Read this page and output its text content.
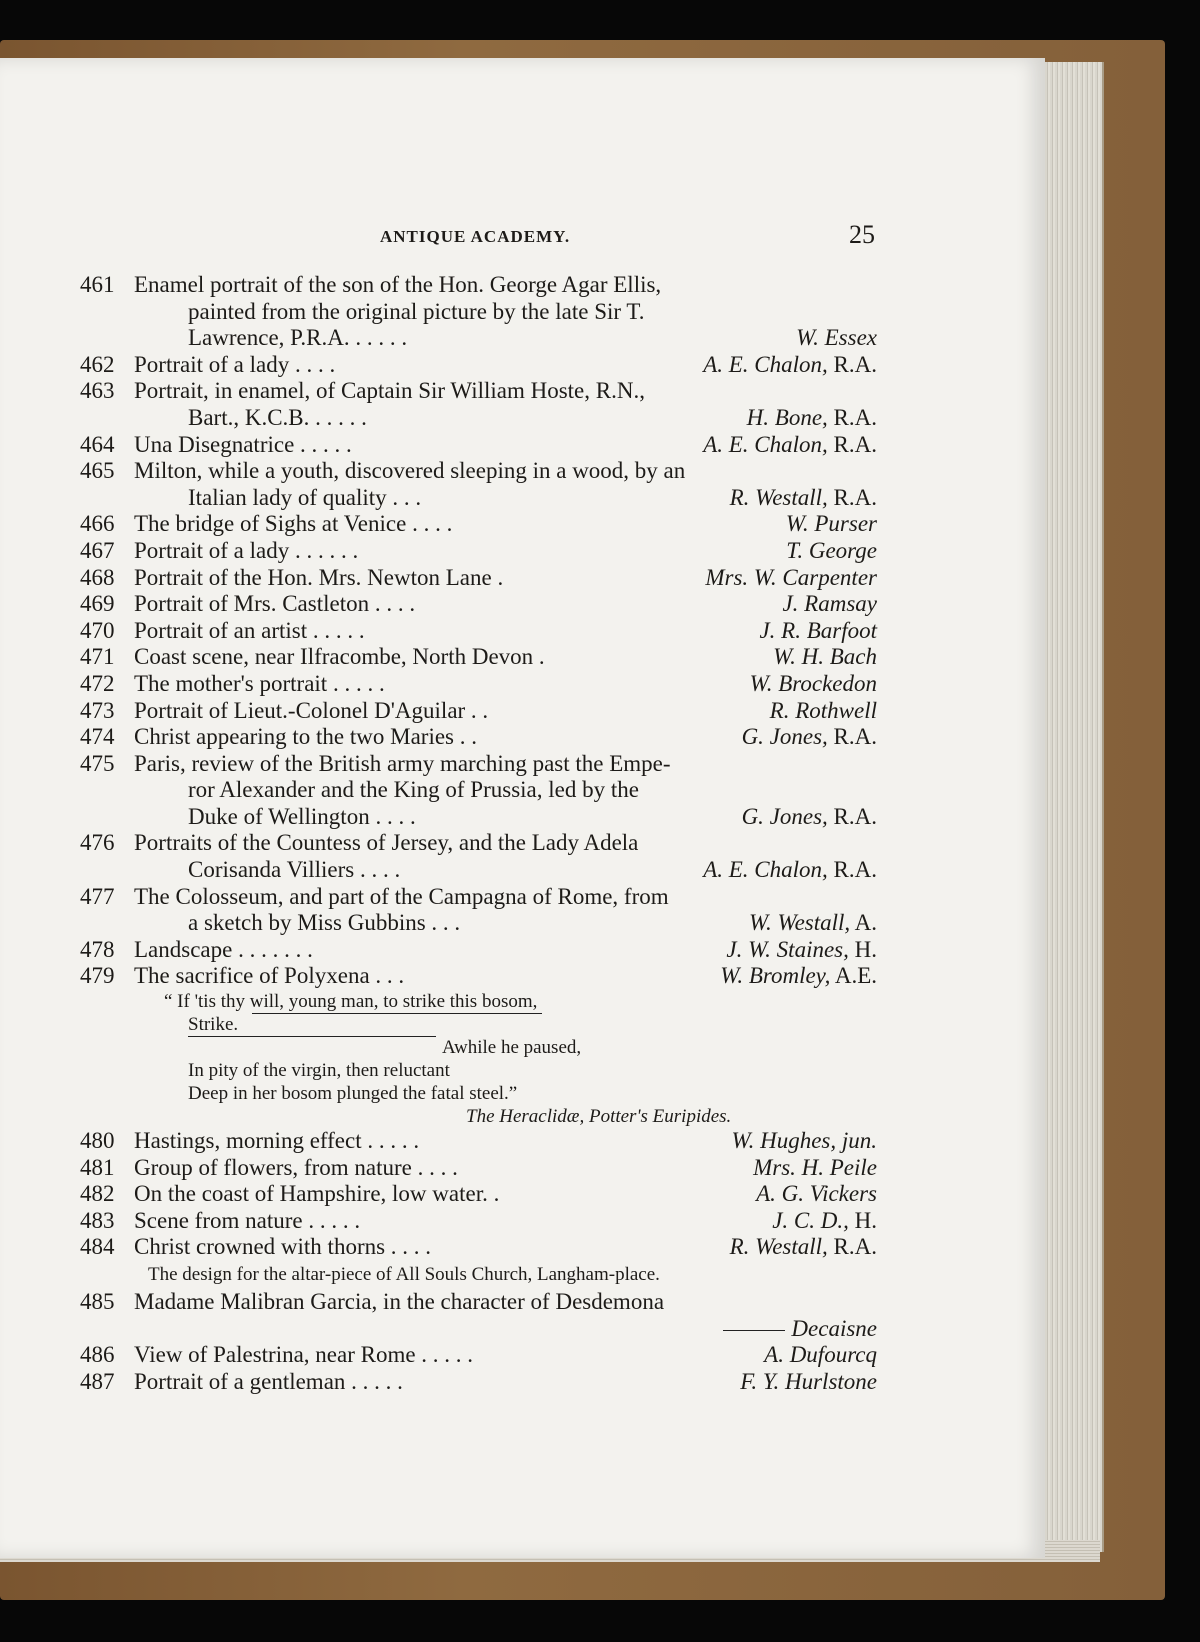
ANTIQUE ACADEMY.	25
461 Enamel portrait of the son of the Hon. George Agar Ellis,
painted from the original picture by the late Sir T.
Lawrence, P.R.A. . . . . .	W. Essex
462 Portrait of a lady . . . .	A. E. Chalon, R.A.
463 Portrait, in enamel, of Captain Sir William Hoste, R.N.,
Bart., K.C.B. . . . . .	H. Bone, R.A.
464 Una Disegnatrice . . . . .	A. E. Chalon, R.A.
465 Milton, while a youth, discovered sleeping in a wood, by an
Italian lady of quality . . .	R. Westall, R.A.
466 The bridge of Sighs at Venice . . . .	W. Purser
467 Portrait of a lady . . . . . .	T. George
468 Portrait of the Hon. Mrs. Newton Lane .	Mrs. W. Carpenter
469 Portrait of Mrs. Castleton . . . .	J. Ramsay
470 Portrait of an artist . . . . .	J. R. Barfoot
471 Coast scene, near Ilfracombe, North Devon .	W. H. Bach
472 The mother's portrait . . . . .	W. Brockedon
473 Portrait of Lieut.-Colonel D'Aguilar . .	R. Rothwell
474 Christ appearing to the two Maries . .	G. Jones, R.A.
475 Paris, review of the British army marching past the Empe-
ror Alexander and the King of Prussia, led by the
Duke of Wellington . . . .	G. Jones, R.A.
476 Portraits of the Countess of Jersey, and the Lady Adela
Corisanda Villiers . . . .	A. E. Chalon, R.A.
477 The Colosseum, and part of the Campagna of Rome, from
a sketch by Miss Gubbins . . .	W. Westall, A.
478 Landscape . . . . . . .	J. W. Staines, H.
479 The sacrifice of Polyxena . . .	W. Bromley, A.E.
“ If 'tis thy will, young man, to strike this bosom,
Strike.
Awhile he paused,
In pity of the virgin, then reluctant
Deep in her bosom plunged the fatal steel.”
The Heraclidæ, Potter's Euripides.
480 Hastings, morning effect . . . . .	W. Hughes, jun.
481 Group of flowers, from nature . . . .	Mrs. H. Peile
482 On the coast of Hampshire, low water. .	A. G. Vickers
483 Scene from nature . . . . .	J. C. D., H.
484 Christ crowned with thorns . . . .	R. Westall, R.A.
The design for the altar-piece of All Souls Church, Langham-place.
485 Madame Malibran Garcia, in the character of Desdemona
Decaisne
486 View of Palestrina, near Rome . . . . .	A. Dufourcq
487 Portrait of a gentleman . . . . .	F. Y. Hurlstone
